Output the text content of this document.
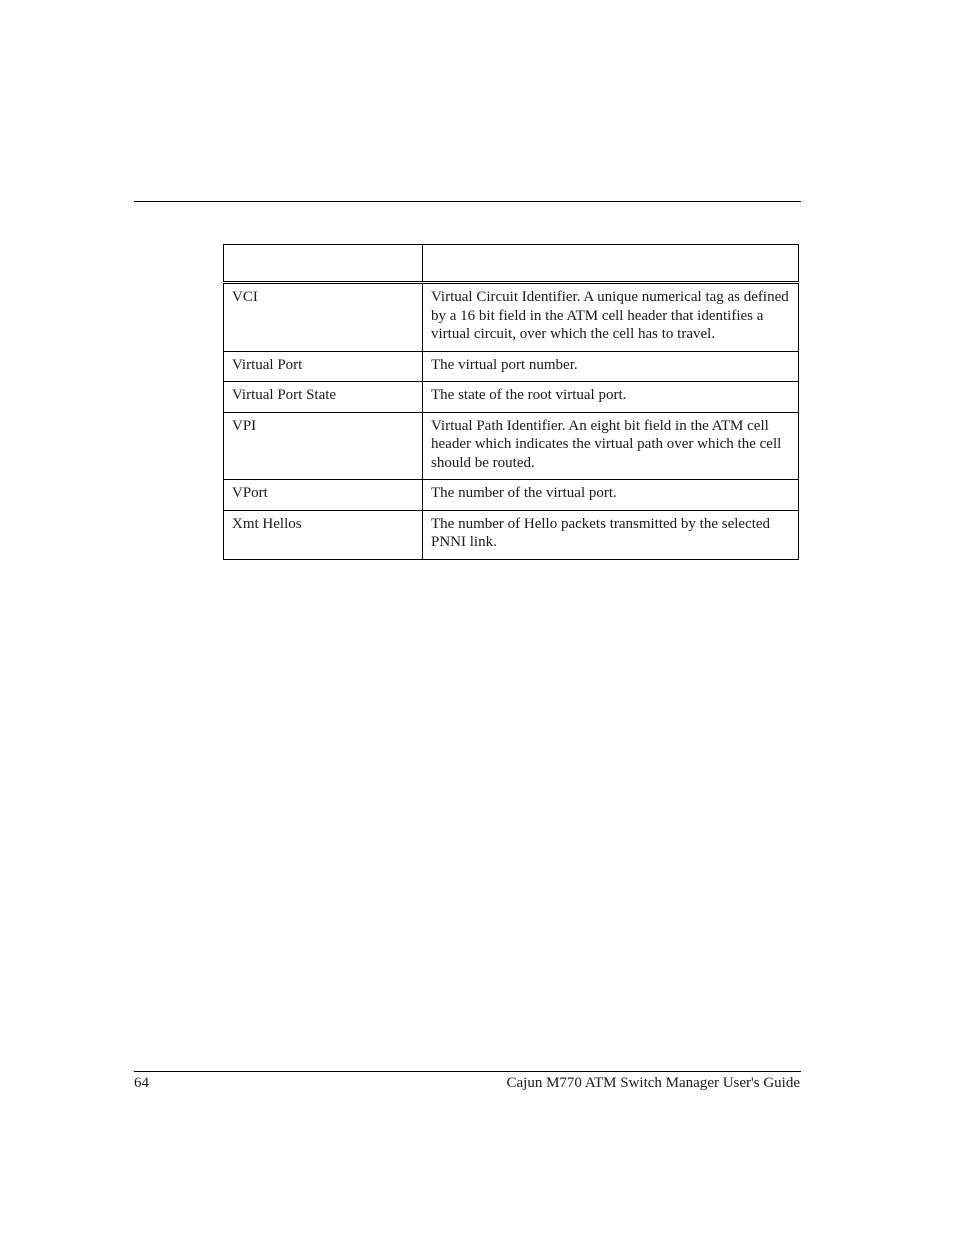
VCI	Virtual Circuit Identifier. A unique numerical tag as defined by a 16 bit field in the ATM cell header that identifies a virtual circuit, over which the cell has to travel.
Virtual Port	The virtual port number.
Virtual Port State	The state of the root virtual port.
VPI	Virtual Path Identifier. An eight bit field in the ATM cell header which indicates the virtual path over which the cell should be routed.
VPort	The number of the virtual port.
Xmt Hellos	The number of Hello packets transmitted by the selected PNNI link.
64	Cajun M770 ATM Switch Manager User's Guide
